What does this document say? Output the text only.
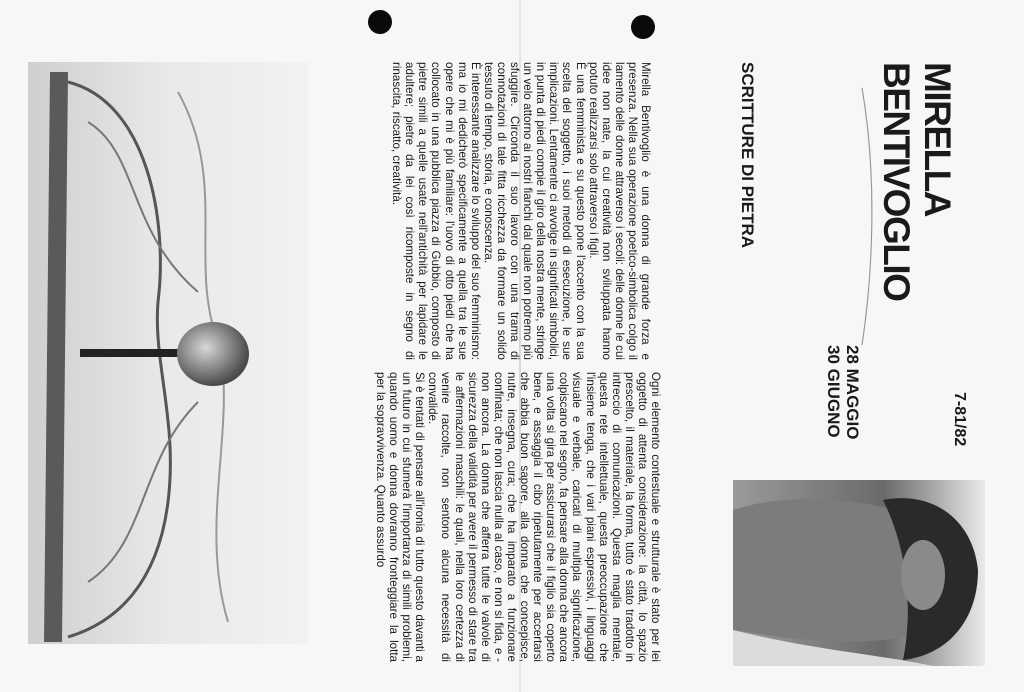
Mirella Bentivoglio è una donna di grande forza e presenza. Nella sua operazione poetico-simbolica colgo il lamento delle donne attraverso i secoli: delle donne le cui idee non nate, la cui creatività non sviluppata hanno potuto realizzarsi solo attraverso i figli.

È una femminista e su questo pone l'accento con la sua scelta del soggetto, i suoi metodi di esecuzione, le sue implicazioni. Lentamente ci avvolge in significati simbolici, in punta di piedi compie il giro della nostra mente, stringe un velo attorno ai nostri fianchi dal quale non potremo più sfuggire. Circonda il suo lavoro con una trama di connotazioni di tale fitta ricchezza da formare un solido tessuto di tempo, storia, e conoscenza.

È interessante analizzare lo sviluppo del suo femminismo: ma io mi dedicherò specificamente a quella tra le sue opere che mi è più familiare: l'uovo di otto piedi che ha collocato in una pubblica piazza di Gubbio, composto di pietre simili a quelle usate nell'antichità per lapidare le adultere; pietre da lei così ricomposte in segno di rinascita, riscatto, creatività.

Ogni elemento contestuale e strutturale è stato per lei oggetto di attenta considerazione: la città, lo spazio prescelto, il materiale, la forma, tutto è stato tradotto in intreccio di comunicazioni. Questa maglia mentale, questa rete intellettuale, questa preoccupazione che l'insieme tenga, che i vari piani espressivi, i linguaggi visuale e verbale, caricati di multipla significazione, colpiscano nel segno, fa pensare alla donna che ancora una volta si gira per assicurarsi che il figlio sia coperto bene, e assaggia il cibo ripetutamente per accertarsi che abbia buon sapore, alla donna che concepisce, nutre, insegna, cura; che ha imparato a funzionare confinata; che non lascia nulla al caso, e non si fida, e - non ancora. La donna che afferra tutte le valvole di sicurezza della validità per avere il permesso di stare tra le affermazioni maschili: le quali, nella loro certezza di venire raccolte, non sentono alcuna necessità di convalide.

Si è tentati di pensare all'ironia di tutto questo davanti a un futuro in cui sfumerà l'importanza di simili problemi, quando uomo e donna dovranno fronteggiare la lotta per la sopravvivenza. Quanto assurdo

SCRITTURE DI PIETRA	MIRELLA
BENTIVOGLIO
28 MAGGIO
30 GIUGNO	7-81/82
